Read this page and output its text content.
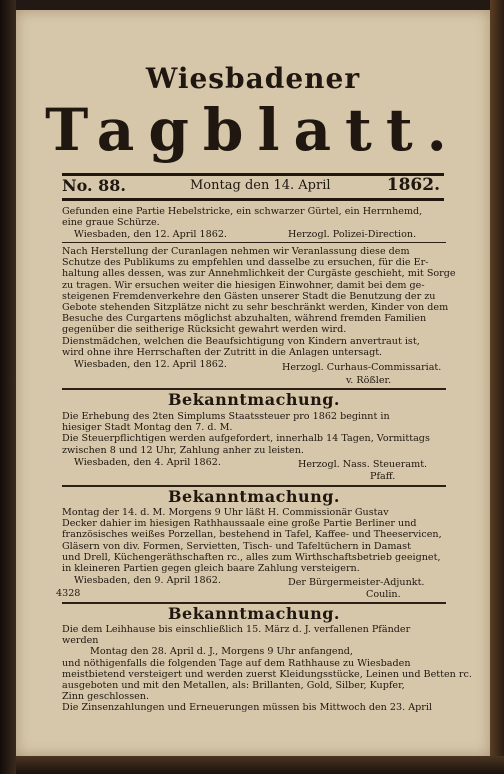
Wiesbadener
Tagblatt.
No. 88.	Montag den 14. April	1862.
Gefunden eine Partie Hebelstricke, ein schwarzer Gürtel, ein Herrnhemd,
eine graue Schürze.
Wiesbaden, den 12. April 1862.	Herzogl. Polizei-Direction.
Nach Herstellung der Curanlagen nehmen wir Veranlassung diese dem
Schutze des Publikums zu empfehlen und dasselbe zu ersuchen, für die Er-
haltung alles dessen, was zur Annehmlichkeit der Curgäste geschieht, mit Sorge
zu tragen. Wir ersuchen weiter die hiesigen Einwohner, damit bei dem ge-
steigenen Fremdenverkehre den Gästen unserer Stadt die Benutzung der zu
Gebote stehenden Sitzplätze nicht zu sehr beschränkt werden, Kinder von dem
Besuche des Curgartens möglichst abzuhalten, während fremden Familien
gegenüber die seitherige Rücksicht gewahrt werden wird.
Dienstmädchen, welchen die Beaufsichtigung von Kindern anvertraut ist,
wird ohne ihre Herrschaften der Zutritt in die Anlagen untersagt.
Wiesbaden, den 12. April 1862.	Herzogl. Curhaus-Commissariat.
v. Rößler.
Bekanntmachung.
Die Erhebung des 2ten Simplums Staatssteuer pro 1862 beginnt in
hiesiger Stadt Montag den 7. d. M.
Die Steuerpflichtigen werden aufgefordert, innerhalb 14 Tagen, Vormittags
zwischen 8 und 12 Uhr, Zahlung anher zu leisten.
Wiesbaden, den 4. April 1862.	Herzogl. Nass. Steueramt.
Pfaff.
Bekanntmachung.
Montag der 14. d. M. Morgens 9 Uhr läßt H. Commissionär Gustav
Decker dahier im hiesigen Rathhaussaale eine große Partie Berliner und
französisches weißes Porzellan, bestehend in Tafel, Kaffee- und Theeservicen,
Gläsern von div. Formen, Servietten, Tisch- und Tafeltüchern in Damast
und Drell, Küchengeräthschaften rc., alles zum Wirthschaftsbetrieb geeignet,
in kleineren Partien gegen gleich baare Zahlung versteigern.
Wiesbaden, den 9. April 1862.	Der Bürgermeister-Adjunkt.
4328	Coulin.
Bekanntmachung.
Die dem Leihhause bis einschließlich 15. März d. J. verfallenen Pfänder
werden
Montag den 28. April d. J., Morgens 9 Uhr anfangend,
und nöthigenfalls die folgenden Tage auf dem Rathhause zu Wiesbaden
meistbietend versteigert und werden zuerst Kleidungsstücke, Leinen und Betten rc.
ausgeboten und mit den Metallen, als: Brillanten, Gold, Silber, Kupfer,
Zinn geschlossen.
Die Zinsenzahlungen und Erneuerungen müssen bis Mittwoch den 23. April
